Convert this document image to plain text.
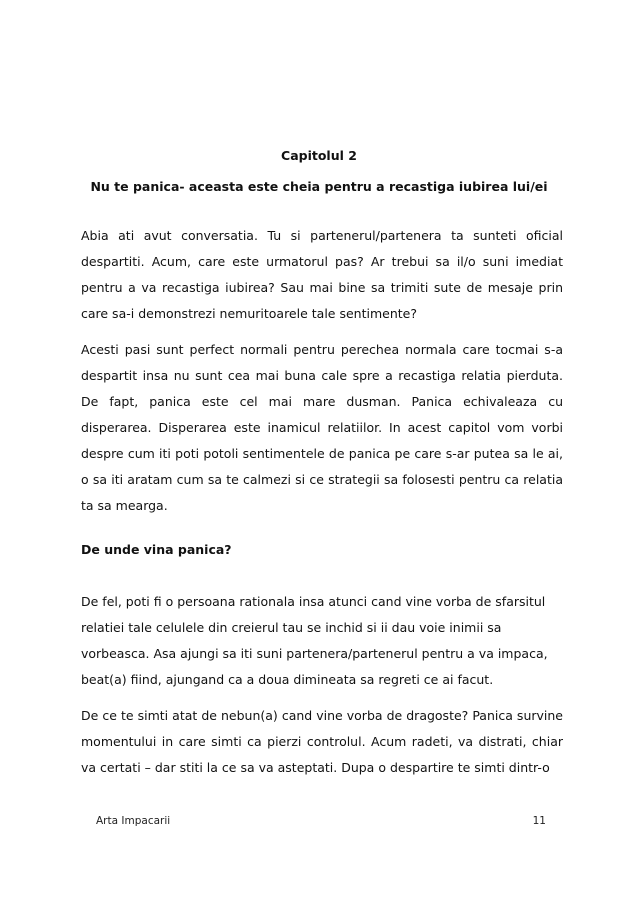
Capitolul 2
Nu te panica- aceasta este cheia pentru a recastiga iubirea lui/ei

Abia ati avut conversatia. Tu si partenerul/partenera ta sunteti oficial despartiti. Acum, care este urmatorul pas? Ar trebui sa il/o suni imediat pentru a va recastiga iubirea? Sau mai bine sa trimiti sute de mesaje prin care sa-i demonstrezi nemuritoarele tale sentimente?

Acesti pasi sunt perfect normali pentru perechea normala care tocmai s-a despartit insa nu sunt cea mai buna cale spre a recastiga relatia pierduta. De fapt, panica este cel mai mare dusman. Panica echivaleaza cu disperarea. Disperarea este inamicul relatiilor. In acest capitol vom vorbi despre cum iti poti potoli sentimentele de panica pe care s-ar putea sa le ai, o sa iti aratam cum sa te calmezi si ce strategii sa folosesti pentru ca relatia ta sa mearga.

De unde vina panica?

De fel, poti fi o persoana rationala insa atunci cand vine vorba de sfarsitul relatiei tale celulele din creierul tau se inchid si ii dau voie inimii sa vorbeasca. Asa ajungi sa iti suni partenera/partenerul pentru a va impaca, beat(a) fiind, ajungand ca a doua dimineata sa regreti ce ai facut.

De ce te simti atat de nebun(a) cand vine vorba de dragoste? Panica survine momentului in care simti ca pierzi controlul. Acum radeti, va distrati, chiar va certati – dar stiti la ce sa va asteptati. Dupa o despartire te simti dintr-o

Arta Impacarii	11
